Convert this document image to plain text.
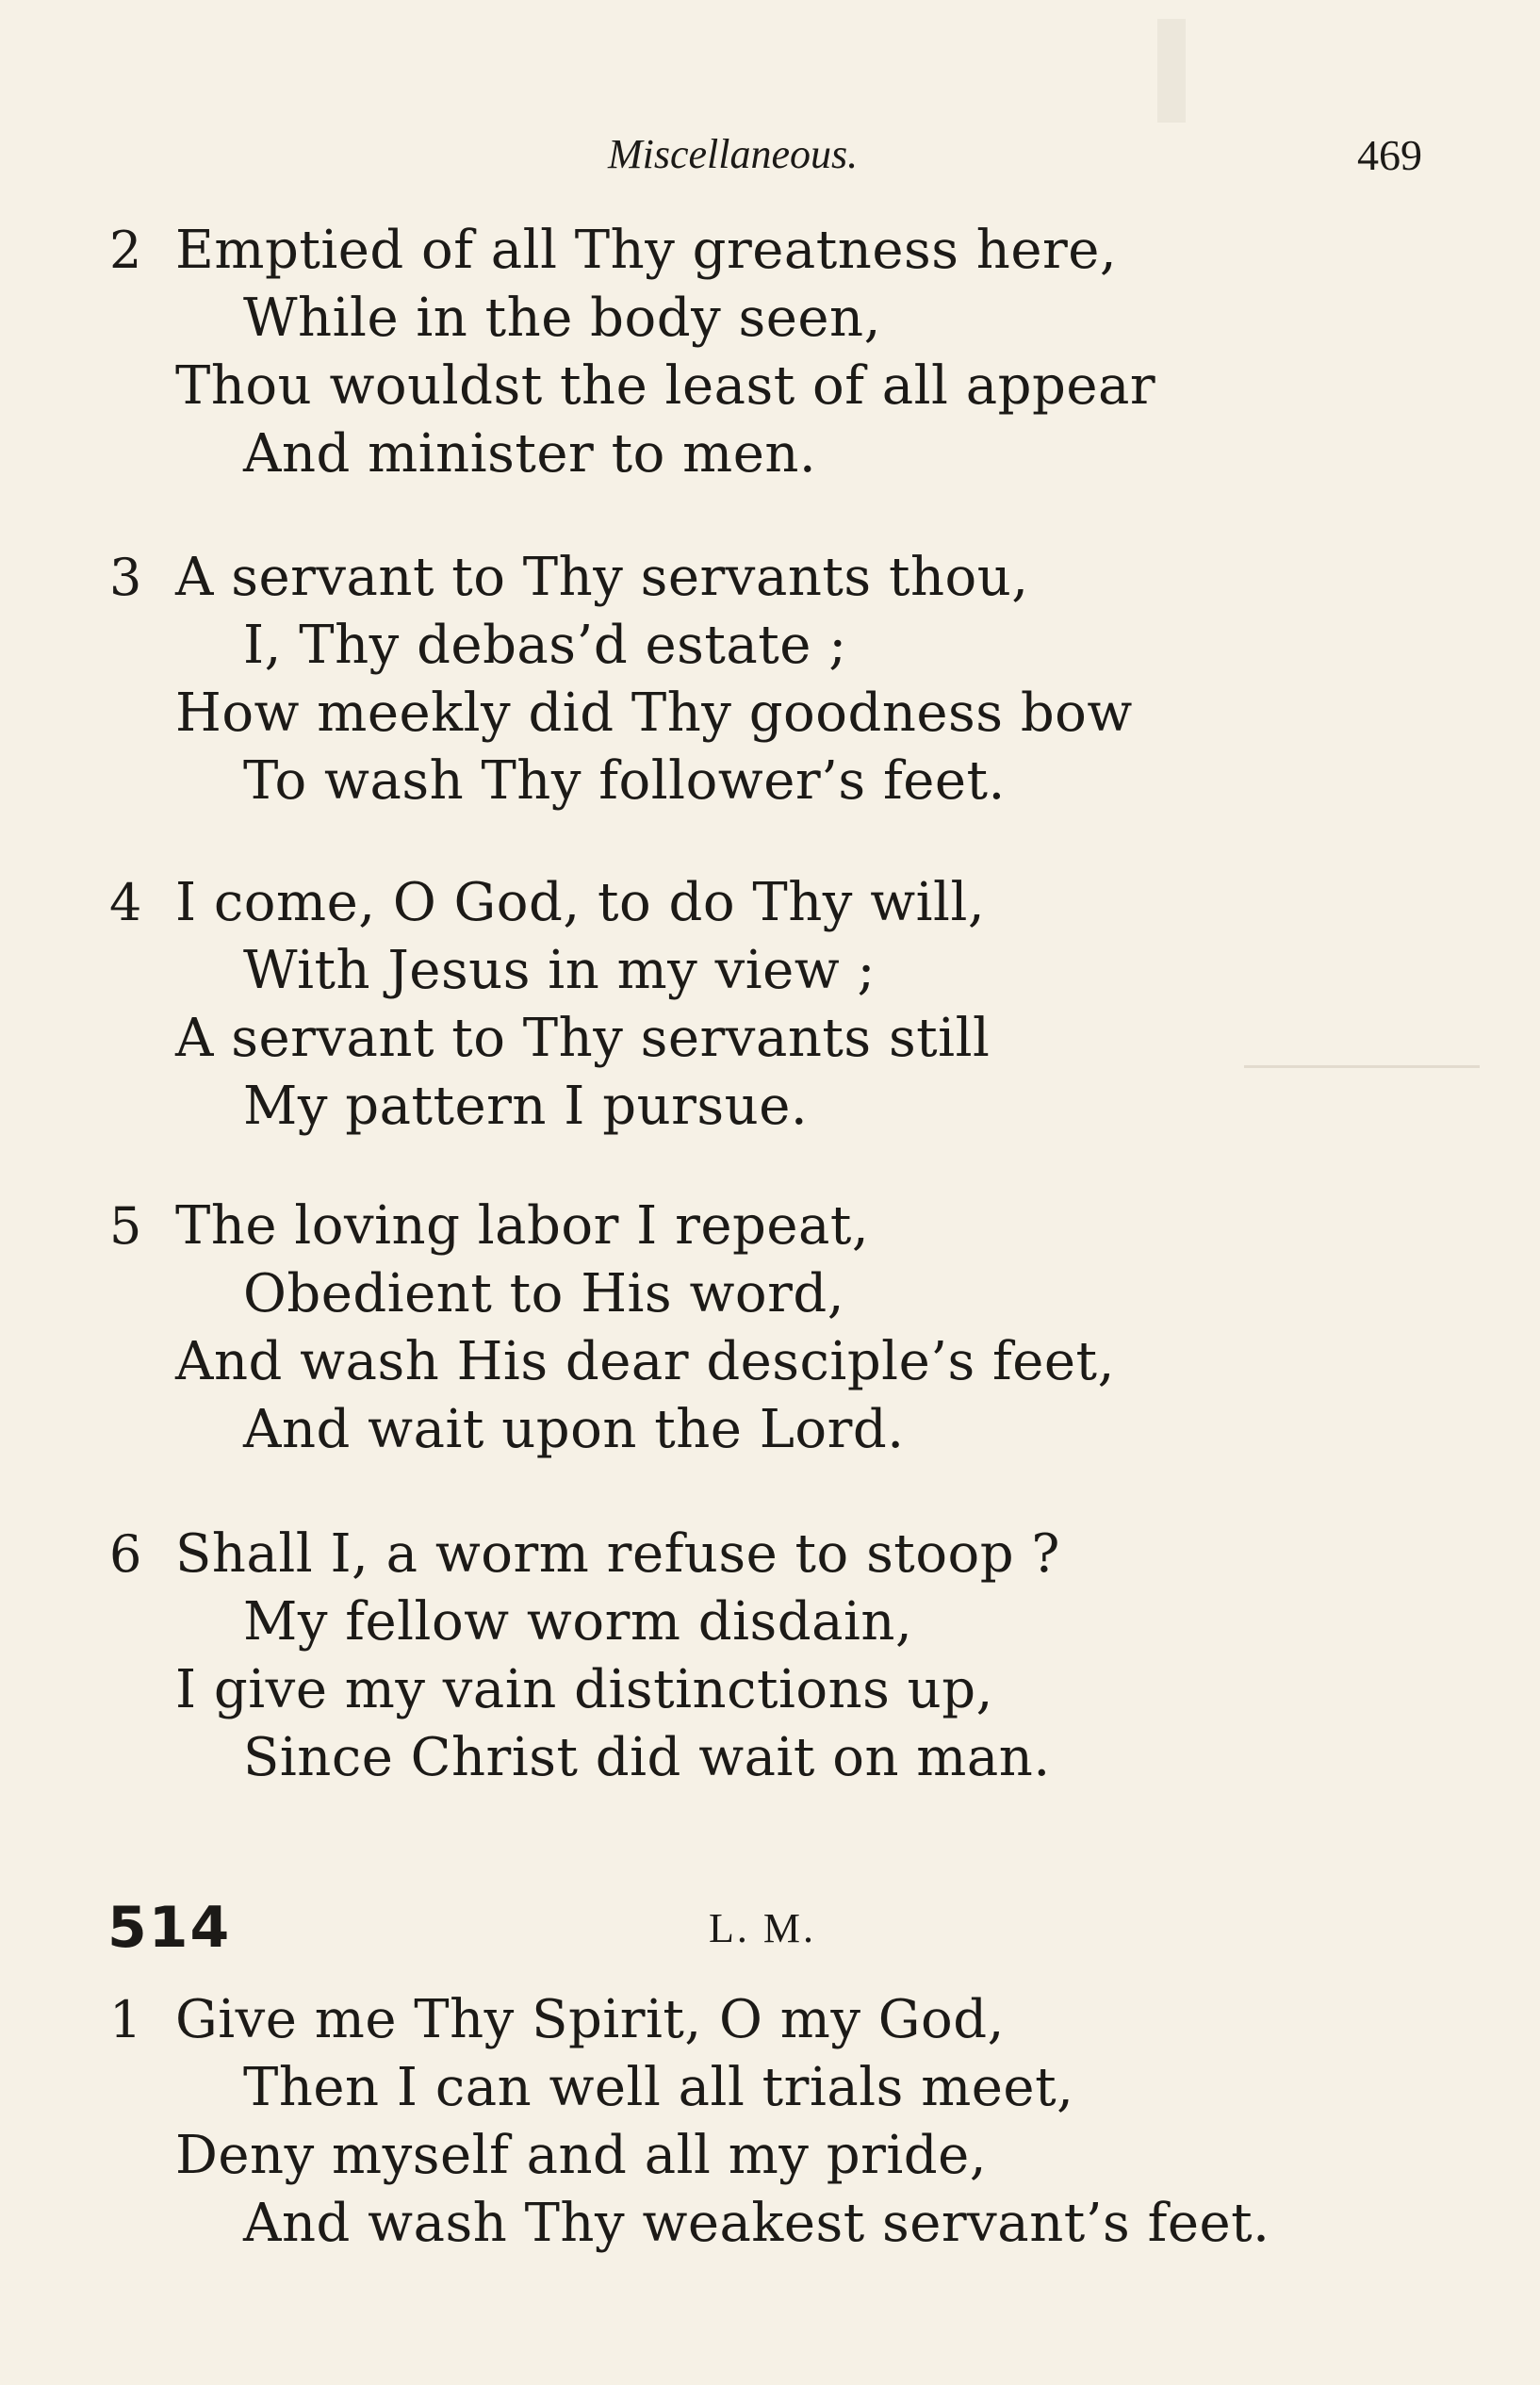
Miscellaneous.	469
2 Emptied of all Thy greatness here,
While in the body seen,
Thou wouldst the least of all appear
And minister to men.
3 A servant to Thy servants thou,
I, Thy debas’d estate ;
How meekly did Thy goodness bow
To wash Thy follower’s feet.
4 I come, O God, to do Thy will,
With Jesus in my view ;
A servant to Thy servants still
My pattern I pursue.
5 The loving labor I repeat,
Obedient to His word,
And wash His dear desciple’s feet,
And wait upon the Lord.
6 Shall I, a worm refuse to stoop ?
My fellow worm disdain,
I give my vain distinctions up,
Since Christ did wait on man.
514	L. M.
1 Give me Thy Spirit, O my God,
Then I can well all trials meet,
Deny myself and all my pride,
And wash Thy weakest servant’s feet.
